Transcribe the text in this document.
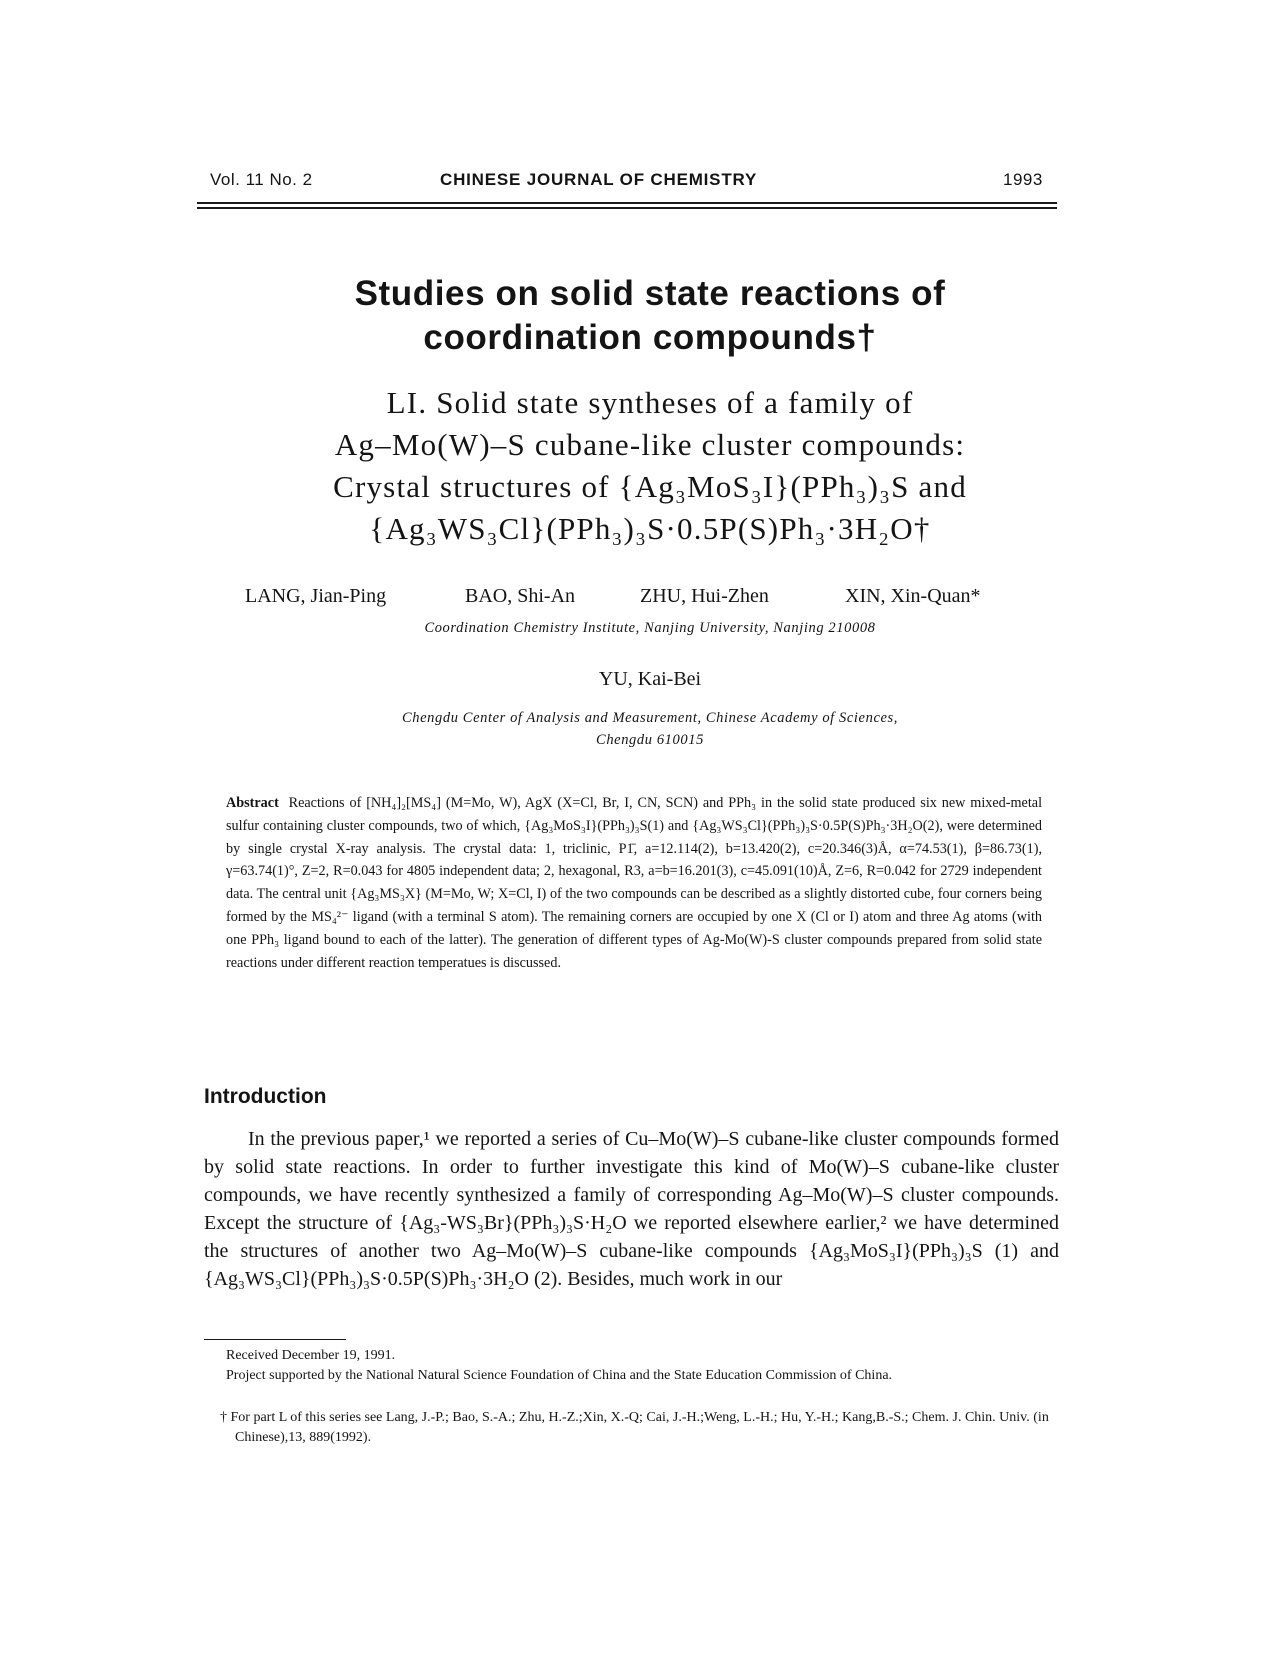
Vol. 11 No. 2	CHINESE JOURNAL OF CHEMISTRY	1993
Studies on solid state reactions of
coordination compounds†
LI. Solid state syntheses of a family of
Ag–Mo(W)–S cubane-like cluster compounds:
Crystal structures of {Ag₃MoS₃I}(PPh₃)₃S and
{Ag₃WS₃Cl}(PPh₃)₃S·0.5P(S)Ph₃·3H₂O†
LANG, Jian-Ping	BAO, Shi-An	ZHU, Hui-Zhen	XIN, Xin-Quan*
Coordination Chemistry Institute, Nanjing University, Nanjing 210008
YU, Kai-Bei
Chengdu Center of Analysis and Measurement, Chinese Academy of Sciences,
Chengdu 610015
Abstract Reactions of [NH₄]₂[MS₄] (M=Mo, W), AgX (X=Cl, Br, I, CN, SCN) and PPh₃ in the solid state produced six new mixed-metal sulfur containing cluster compounds, two of which, {Ag₃MoS₃I}(PPh₃)₃S(1) and {Ag₃WS₃Cl}(PPh₃)₃S·0.5P(S)Ph₃·3H₂O(2), were determined by single crystal X-ray analysis. The crystal data: 1, triclinic, P1̄, a=12.114(2), b=13.420(2), c=20.346(3)Å, α=74.53(1), β=86.73(1), γ=63.74(1)°, Z=2, R=0.043 for 4805 independent data; 2, hexagonal, R3, a=b=16.201(3), c=45.091(10)Å, Z=6, R=0.042 for 2729 independent data. The central unit {Ag₃MS₃X} (M=Mo, W; X=Cl, I) of the two compounds can be described as a slightly distorted cube, four corners being formed by the MS₄²⁻ ligand (with a terminal S atom). The remaining corners are occupied by one X (Cl or I) atom and three Ag atoms (with one PPh₃ ligand bound to each of the latter). The generation of different types of Ag-Mo(W)-S cluster compounds prepared from solid state reactions under different reaction temperatues is discussed.
Introduction
In the previous paper,¹ we reported a series of Cu–Mo(W)–S cubane-like cluster compounds formed by solid state reactions. In order to further investigate this kind of Mo(W)–S cubane-like cluster compounds, we have recently synthesized a family of corresponding Ag–Mo(W)–S cluster compounds. Except the structure of {Ag₃-WS₃Br}(PPh₃)₃S·H₂O we reported elsewhere earlier,² we have determined the structures of another two Ag–Mo(W)–S cubane-like compounds {Ag₃MoS₃I}(PPh₃)₃S (1) and {Ag₃WS₃Cl}(PPh₃)₃S·0.5P(S)Ph₃·3H₂O (2). Besides, much work in our
Received December 19, 1991.
Project supported by the National Natural Science Foundation of China and the State Education Commission of China.
† For part L of this series see Lang, J.-P.; Bao, S.-A.; Zhu, H.-Z.;Xin, X.-Q; Cai, J.-H.;Weng, L.-H.; Hu, Y.-H.; Kang,B.-S.; Chem. J. Chin. Univ. (in Chinese),13, 889(1992).
